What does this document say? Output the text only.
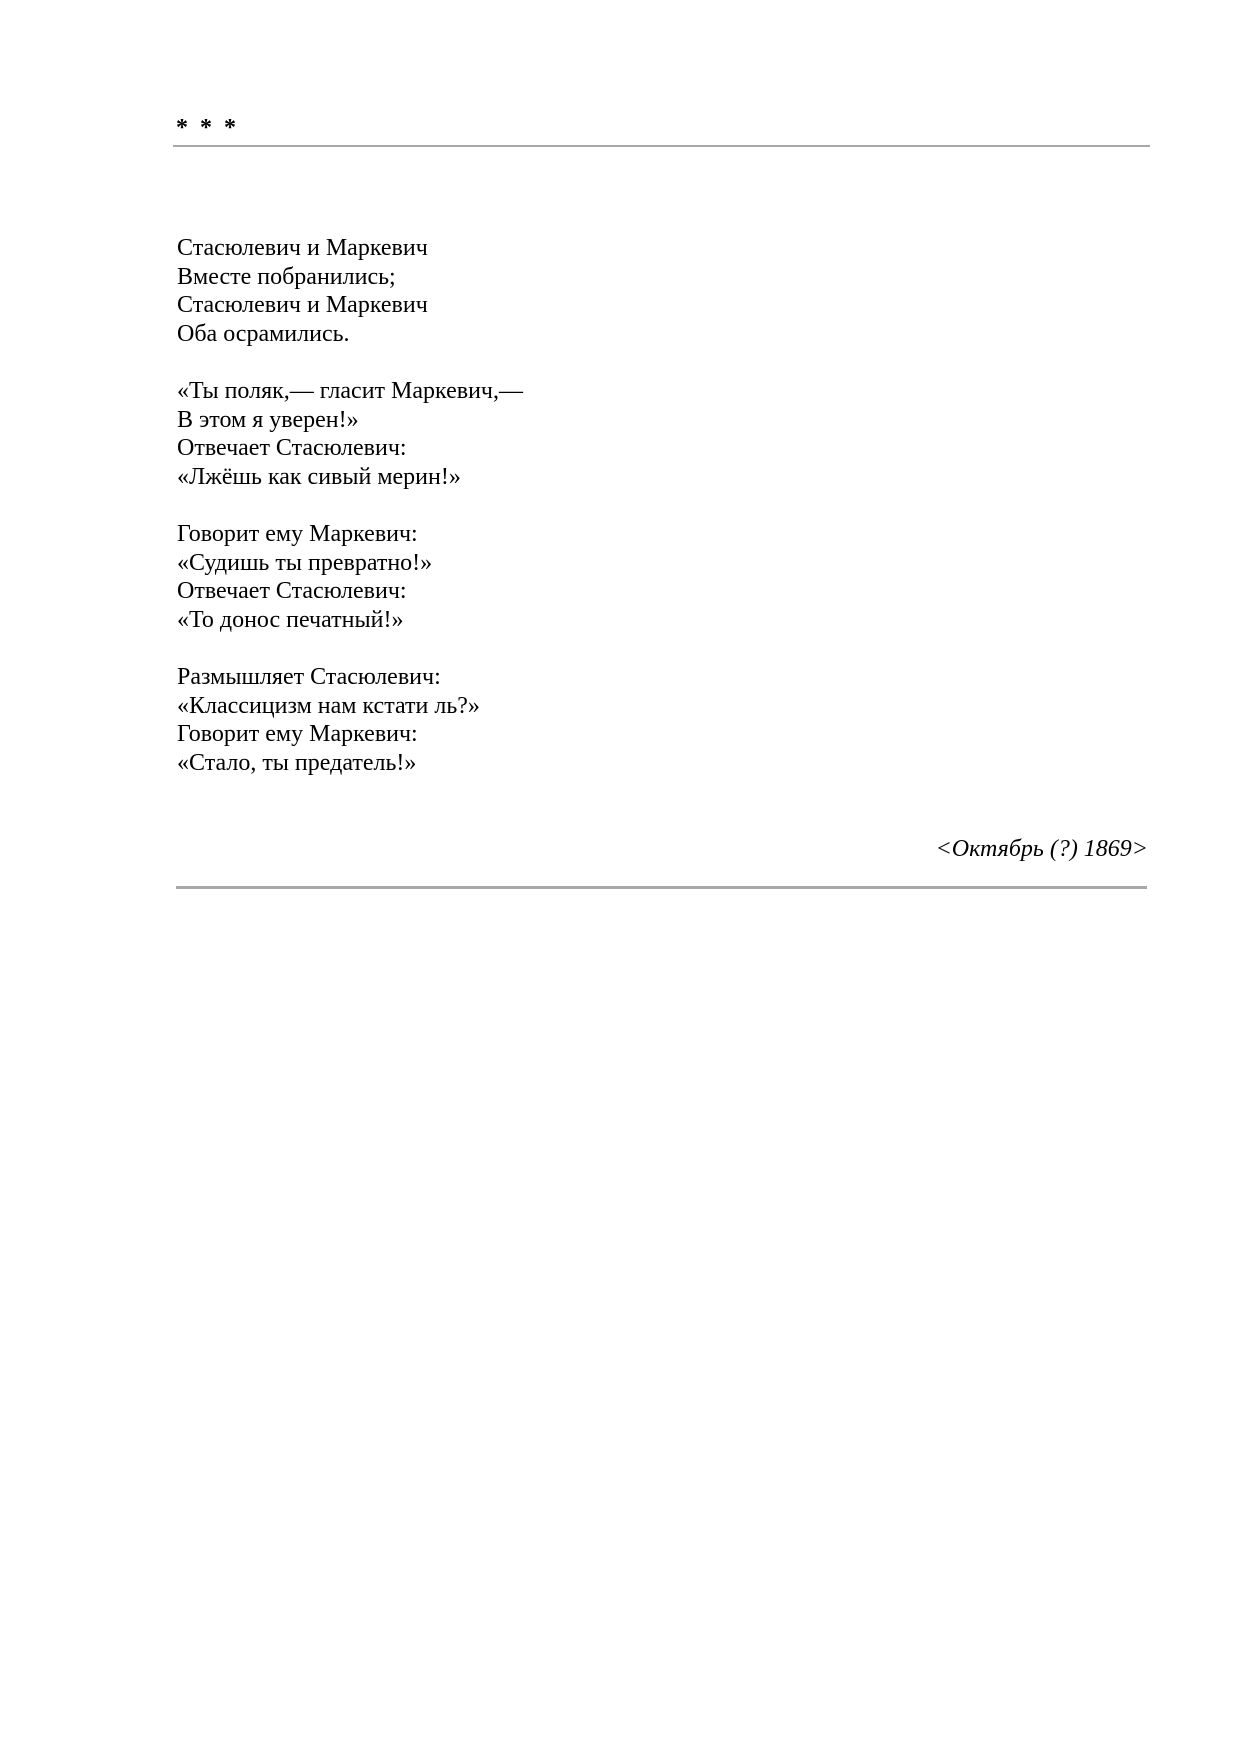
* * *
Стасюлевич и Маркевич
Вместе побранились;
Стасюлевич и Маркевич
Оба осрамились.
«Ты поляк,— гласит Маркевич,—
В этом я уверен!»
Отвечает Стасюлевич:
«Лжёшь как сивый мерин!»
Говорит ему Маркевич:
«Судишь ты превратно!»
Отвечает Стасюлевич:
«То донос печатный!»
Размышляет Стасюлевич:
«Классицизм нам кстати ль?»
Говорит ему Маркевич:
«Стало, ты предатель!»
<Октябрь (?) 1869>
